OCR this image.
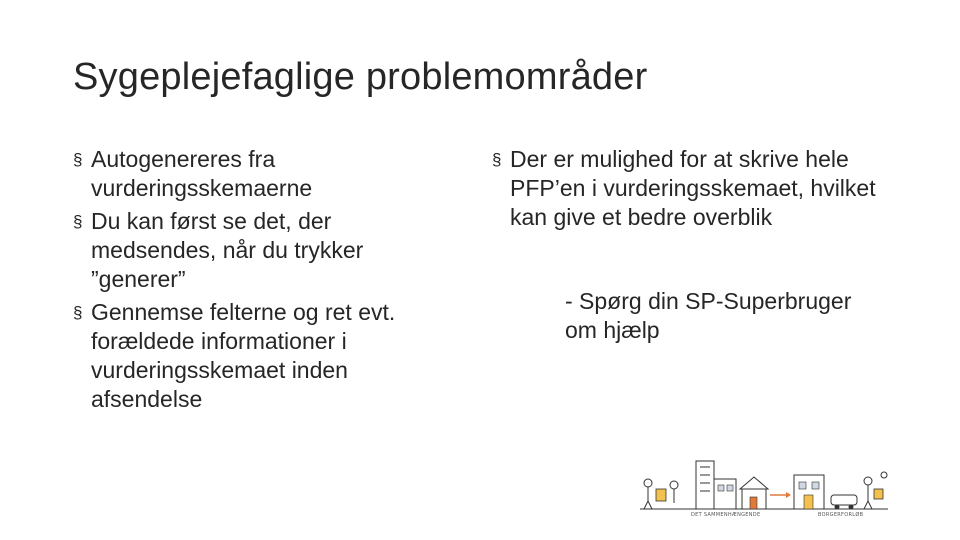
Sygeplejefaglige problemområder
§ Autogenereres fra vurderingsskemaerne
§ Du kan først se det, der medsendes, når du trykker ”generer”
§ Gennemse felterne og ret evt. forældede informationer i vurderingsskemaet inden afsendelse
§ Der er mulighed for at skrive hele PFP’en i vurderingsskemaet, hvilket kan give et bedre overblik
- Spørg din SP-Superbruger om hjælp
DET SAMMENHÆNGENDE	BORGERFORLØB
